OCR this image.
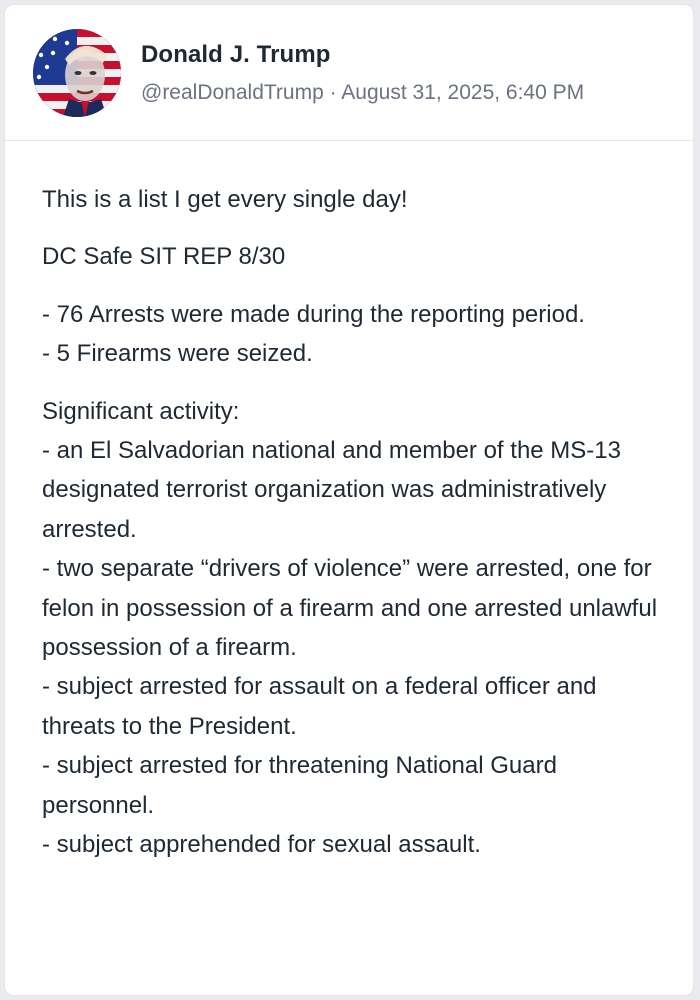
Donald J. Trump
@realDonaldTrump · August 31, 2025, 6:40 PM

This is a list I get every single day!

DC Safe SIT REP 8/30

- 76 Arrests were made during the reporting period.
- 5 Firearms were seized.

Significant activity:
- an El Salvadorian national and member of the MS-13 designated terrorist organization was administratively arrested.
- two separate “drivers of violence” were arrested, one for felon in possession of a firearm and one arrested unlawful possession of a firearm.
- subject arrested for assault on a federal officer and threats to the President.
- subject arrested for threatening National Guard personnel.
- subject apprehended for sexual assault.
